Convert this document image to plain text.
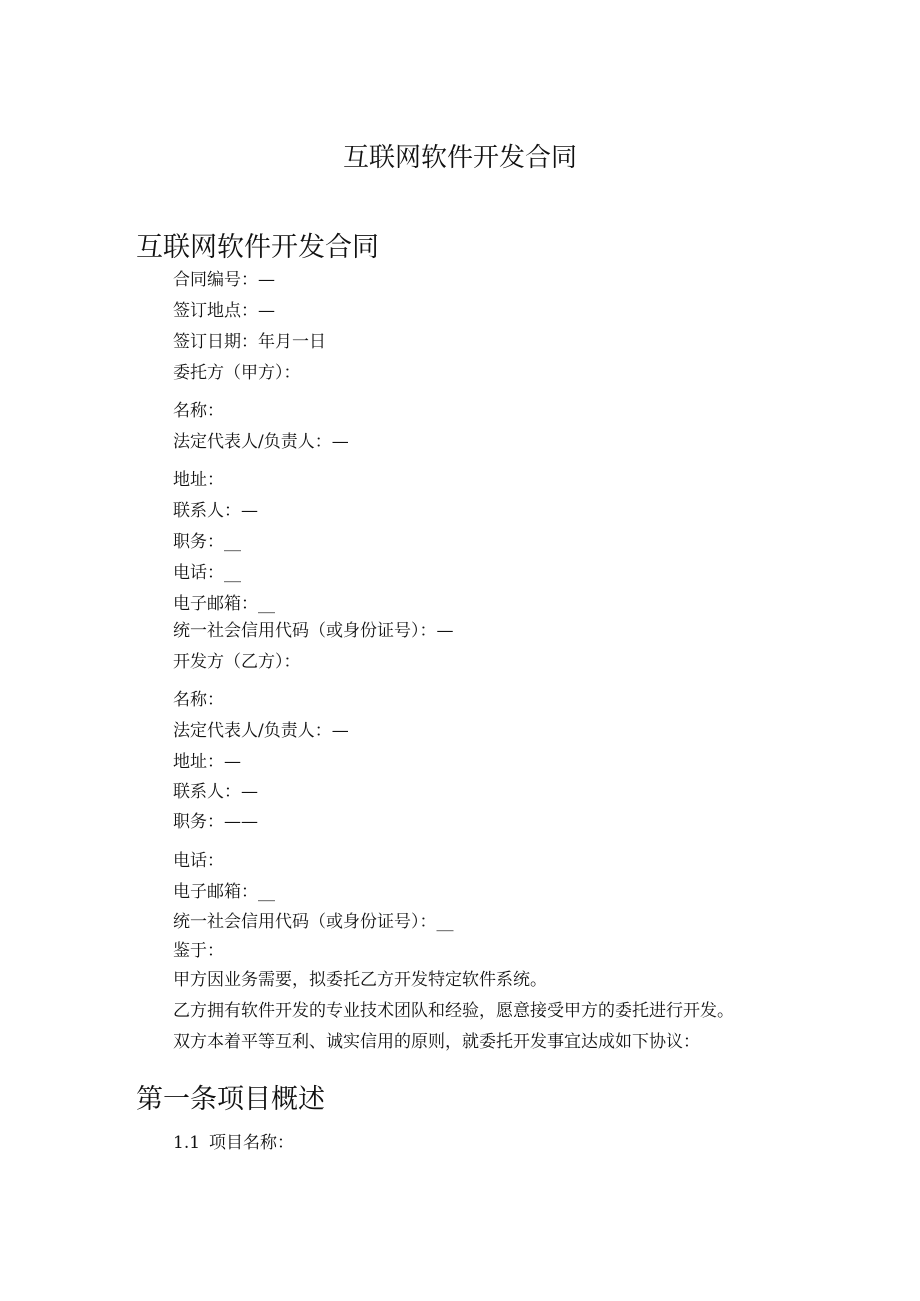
互联网软件开发合同
互联网软件开发合同
合同编号：—
签订地点：—
签订日期：年月一日
委托方（甲方）：
名称：
法定代表人/负责人：—
地址：
联系人：—
职务：__
电话：__
电子邮箱：__
统一社会信用代码（或身份证号）：—
开发方（乙方）：
名称：
法定代表人/负责人：—
地址：—
联系人：—
职务：——
电话：
电子邮箱：__
统一社会信用代码（或身份证号）：__
鉴于：
甲方因业务需要，拟委托乙方开发特定软件系统。
乙方拥有软件开发的专业技术团队和经验，愿意接受甲方的委托进行开发。
双方本着平等互利、诚实信用的原则，就委托开发事宜达成如下协议：
第一条项目概述
1.1 项目名称：
